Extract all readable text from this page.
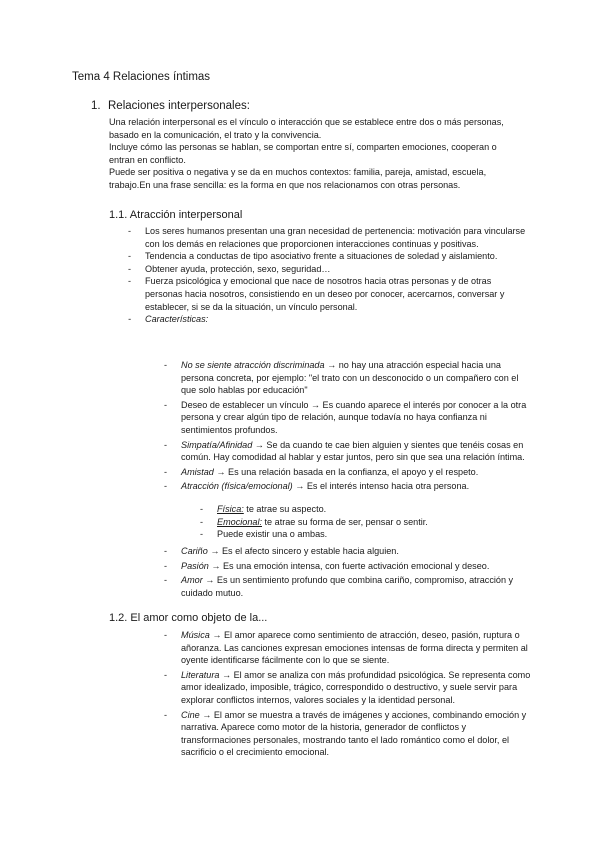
Tema 4 Relaciones íntimas
1. Relaciones interpersonales:
Una relación interpersonal es el vínculo o interacción que se establece entre dos o más personas, basado en la comunicación, el trato y la convivencia.
Incluye cómo las personas se hablan, se comportan entre sí, comparten emociones, cooperan o entran en conflicto.
Puede ser positiva o negativa y se da en muchos contextos: familia, pareja, amistad, escuela, trabajo.En una frase sencilla: es la forma en que nos relacionamos con otras personas.
1.1. Atracción interpersonal
- Los seres humanos presentan una gran necesidad de pertenencia: motivación para vincularse con los demás en relaciones que proporcionen interacciones continuas y positivas.
- Tendencia a conductas de tipo asociativo frente a situaciones de soledad y aislamiento.
- Obtener ayuda, protección, sexo, seguridad…
- Fuerza psicológica y emocional que nace de nosotros hacia otras personas y de otras personas hacia nosotros, consistiendo en un deseo por conocer, acercarnos, conversar y establecer, si se da la situación, un vínculo personal.
- Características:
- No se siente atracción discriminada → no hay una atracción especial hacia una persona concreta, por ejemplo: "el trato con un desconocido o un compañero con el que solo hablas por educación"
- Deseo de establecer un vínculo → Es cuando aparece el interés por conocer a la otra persona y crear algún tipo de relación, aunque todavía no haya confianza ni sentimientos profundos.
- Simpatía/Afinidad → Se da cuando te cae bien alguien y sientes que tenéis cosas en común. Hay comodidad al hablar y estar juntos, pero sin que sea una relación íntima.
- Amistad → Es una relación basada en la confianza, el apoyo y el respeto.
- Atracción (física/emocional) → Es el interés intenso hacia otra persona.
- Física: te atrae su aspecto.
- Emocional: te atrae su forma de ser, pensar o sentir.
- Puede existir una o ambas.
- Cariño → Es el afecto sincero y estable hacia alguien.
- Pasión → Es una emoción intensa, con fuerte activación emocional y deseo.
- Amor → Es un sentimiento profundo que combina cariño, compromiso, atracción y cuidado mutuo.
1.2. El amor como objeto de la...
- Música → El amor aparece como sentimiento de atracción, deseo, pasión, ruptura o añoranza. Las canciones expresan emociones intensas de forma directa y permiten al oyente identificarse fácilmente con lo que se siente.
- Literatura → El amor se analiza con más profundidad psicológica. Se representa como amor idealizado, imposible, trágico, correspondido o destructivo, y suele servir para explorar conflictos internos, valores sociales y la identidad personal.
- Cine → El amor se muestra a través de imágenes y acciones, combinando emoción y narrativa. Aparece como motor de la historia, generador de conflictos y transformaciones personales, mostrando tanto el lado romántico como el dolor, el sacrificio o el crecimiento emocional.
